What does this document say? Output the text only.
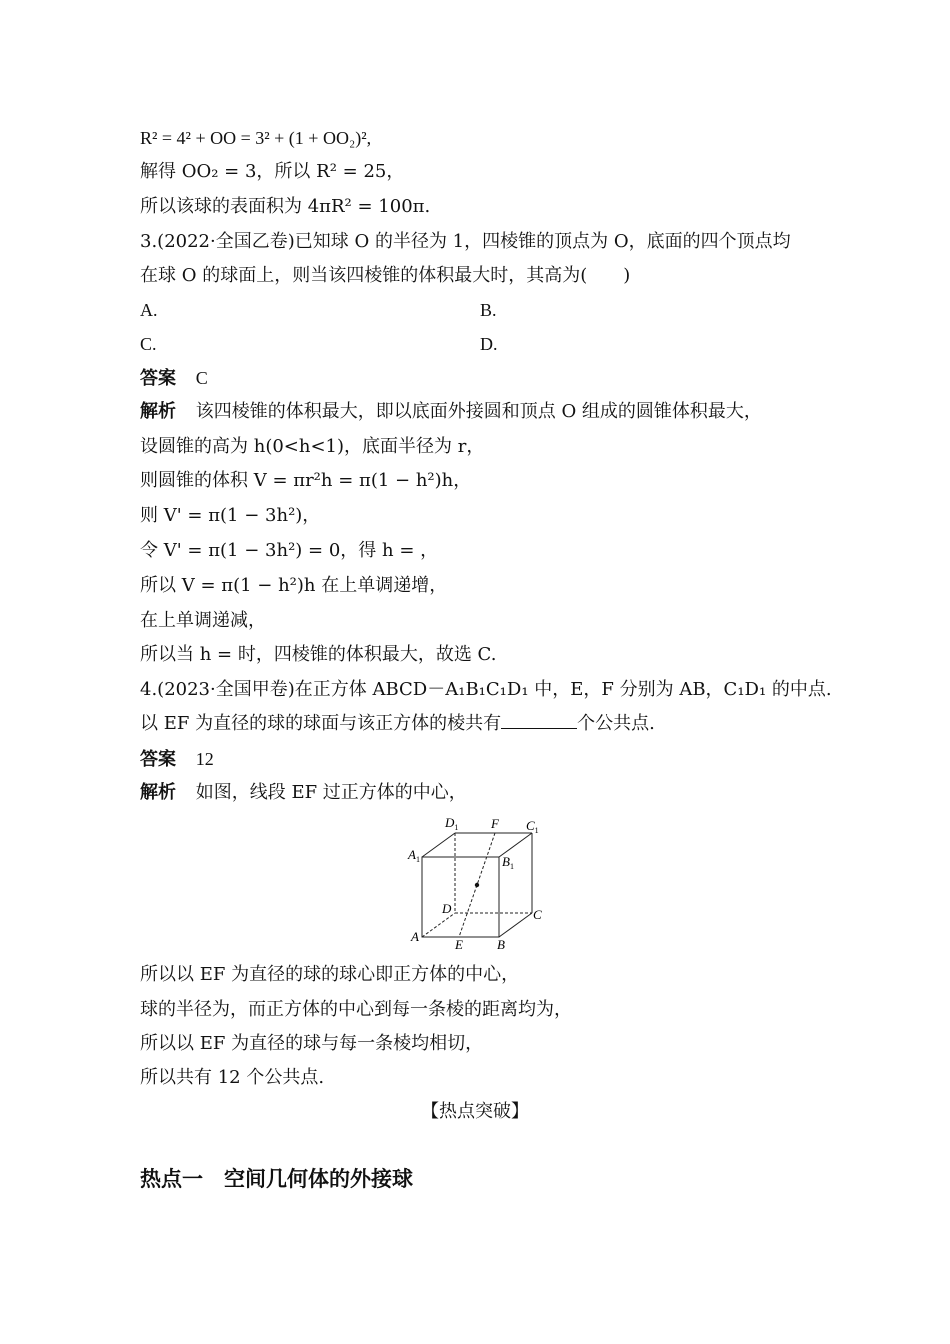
R² = 4² + OO = 3² + (1 + OO₂)²,
解得 OO₂ = 3，所以 R² = 25，
所以该球的表面积为 4πR² = 100π.
3.(2022·全国乙卷)已知球 O 的半径为 1，四棱锥的顶点为 O，底面的四个顶点均
在球 O 的球面上，则当该四棱锥的体积最大时，其高为(　　)
A.	B.
C.	D.
答案 C
解析 该四棱锥的体积最大，即以底面外接圆和顶点 O 组成的圆锥体积最大，
设圆锥的高为 h(0<h<1)，底面半径为 r，
则圆锥的体积 V = πr²h = π(1 − h²)h，
则 V' = π(1 − 3h²)，
令 V' = π(1 − 3h²) = 0，得 h = ，
所以 V = π(1 − h²)h 在上单调递增，
在上单调递减，
所以当 h = 时，四棱锥的体积最大，故选 C.
4.(2023·全国甲卷)在正方体 ABCD－A₁B₁C₁D₁ 中，E，F 分别为 AB，C₁D₁ 的中点.
以 EF 为直径的球的球面与该正方体的棱共有	个公共点.
答案 12
解析 如图，线段 EF 过正方体的中心，
$D_1$	F $C_1$
$A_1$	$B_1$
D	C
A
E	B
所以以 EF 为直径的球的球心即正方体的中心，
球的半径为，而正方体的中心到每一条棱的距离均为，
所以以 EF 为直径的球与每一条棱均相切，
所以共有 12 个公共点.
【热点突破】
热点一　空间几何体的外接球
